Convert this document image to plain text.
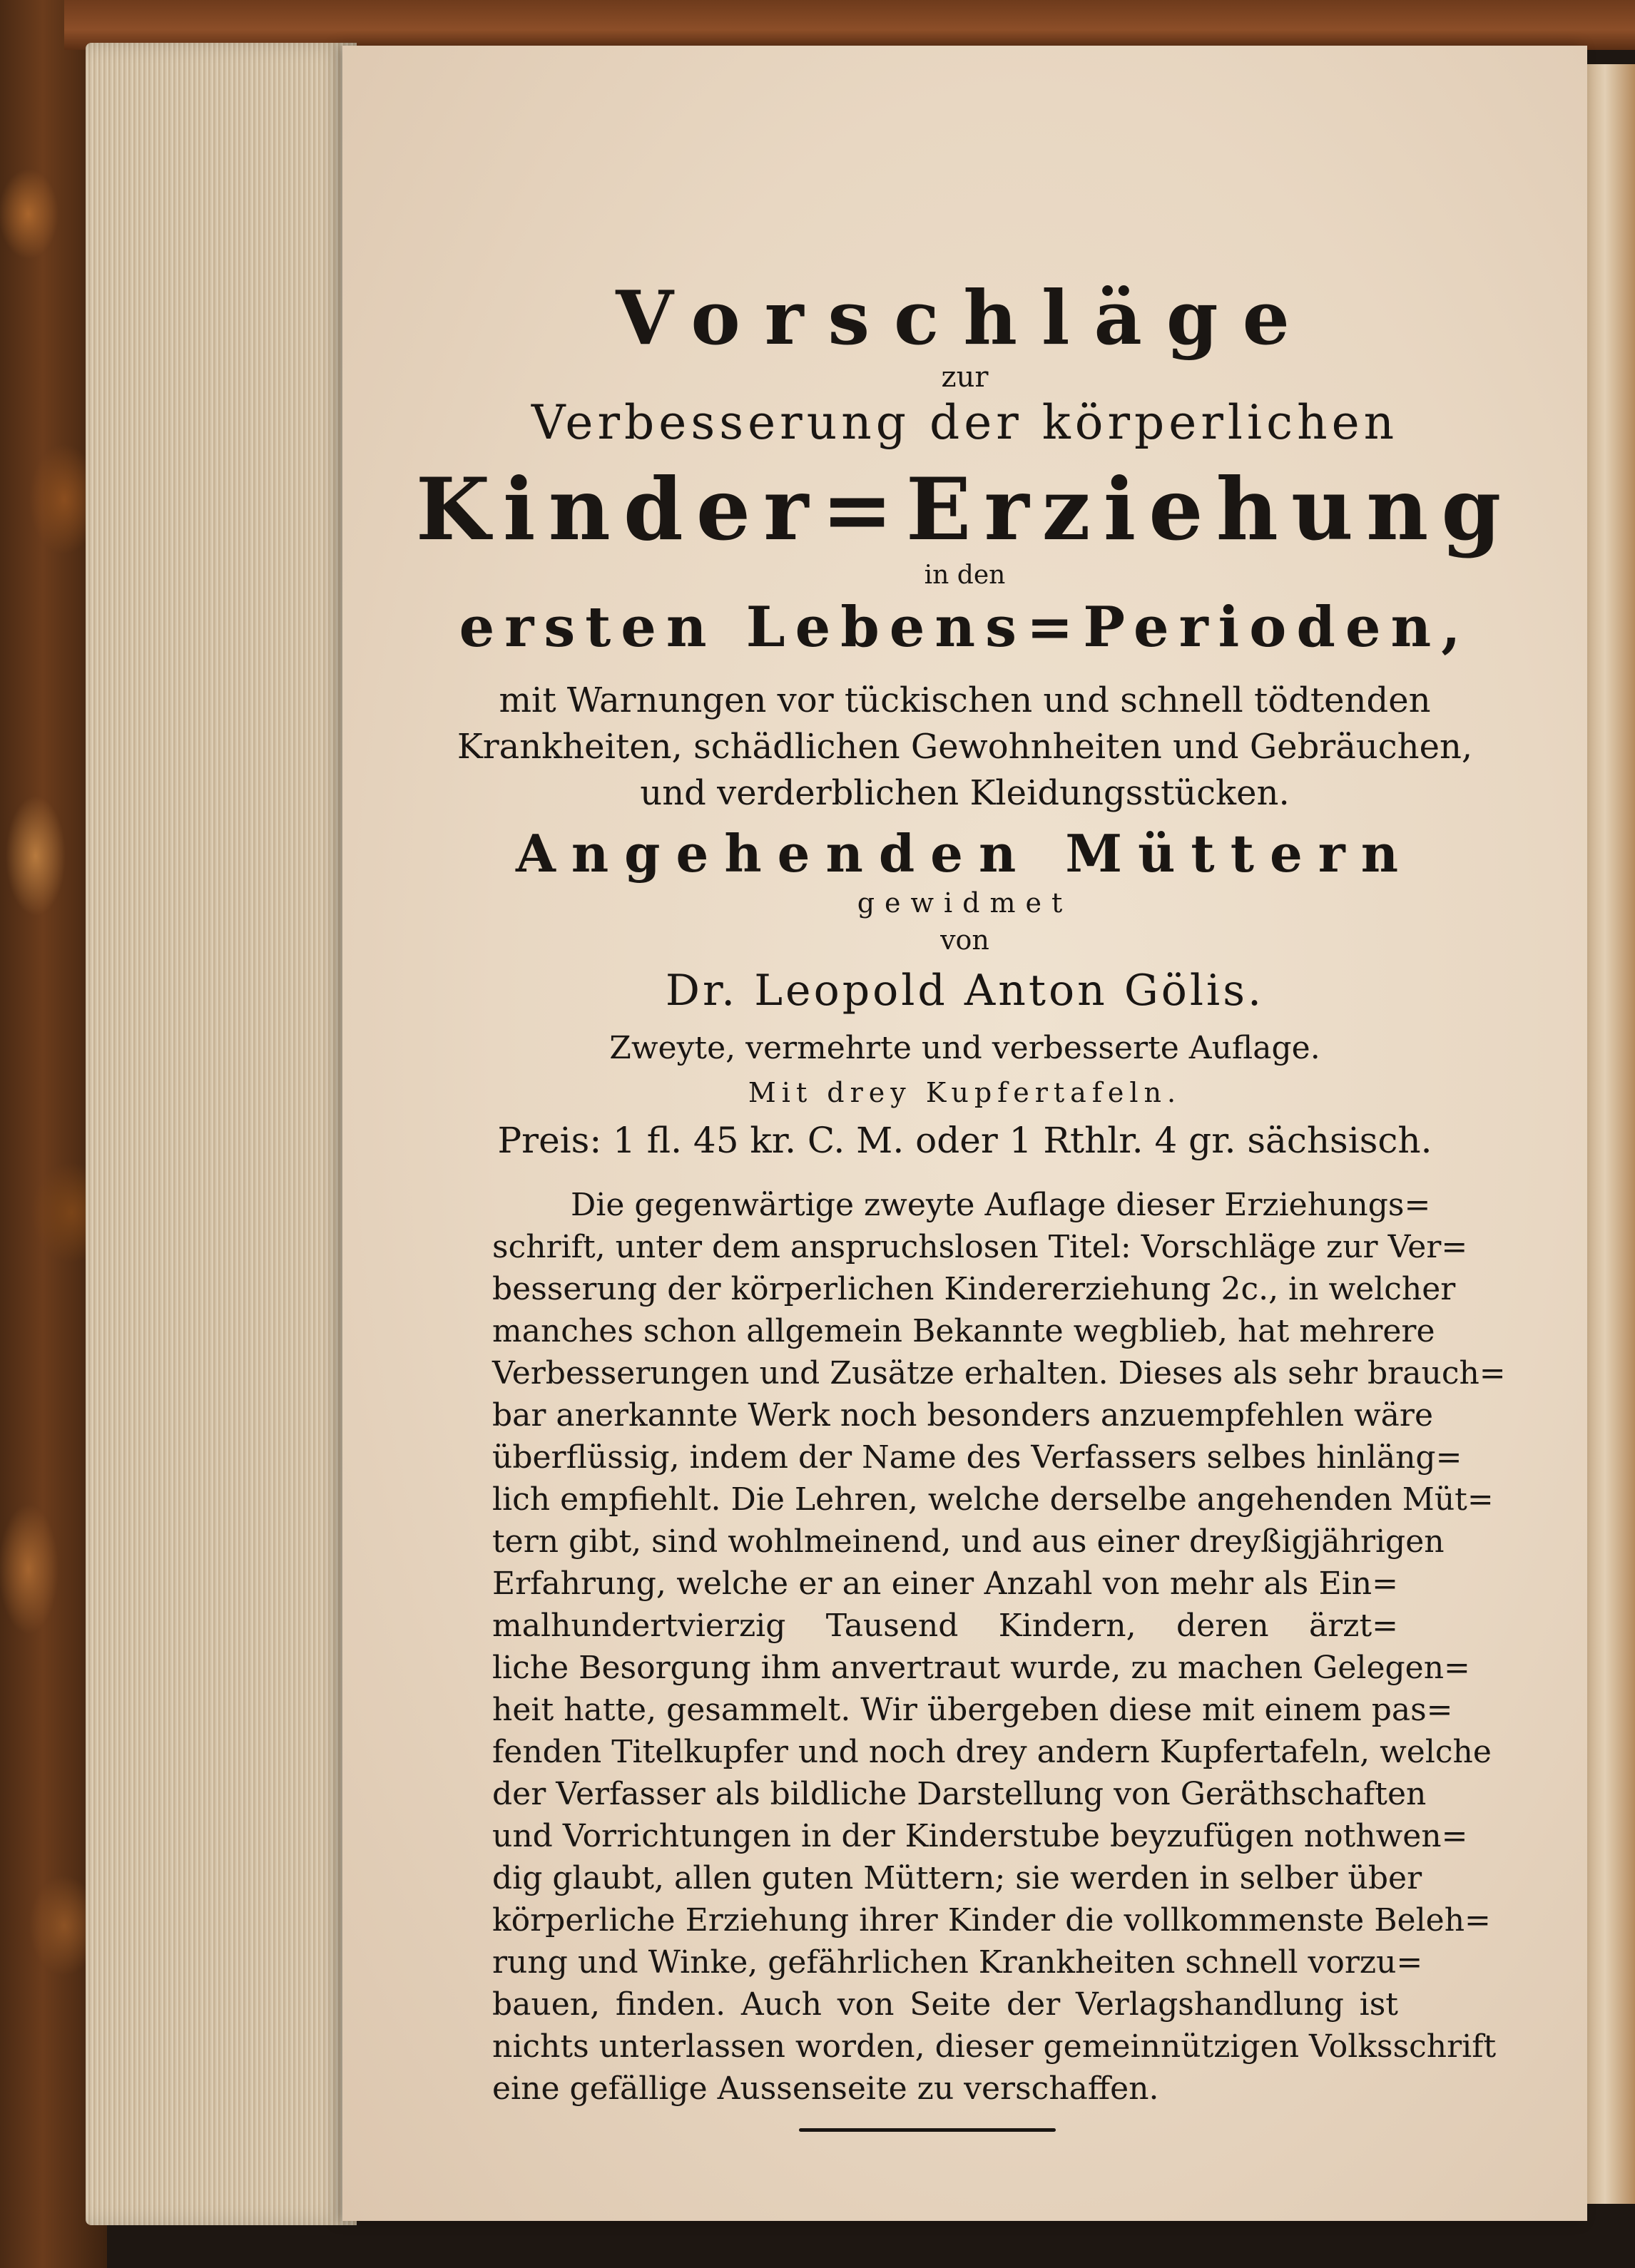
Vorschläge
zur
Verbesserung der körperlichen
Kinder=Erziehung
in den
ersten Lebens=Perioden,
mit Warnungen vor tückischen und schnell tödtenden
Krankheiten, schädlichen Gewohnheiten und Gebräuchen,
und verderblichen Kleidungsstücken.
Angehenden Müttern
gewidmet
von
Dr. Leopold Anton Gölis.
Zweyte, vermehrte und verbesserte Auflage.
Mit drey Kupfertafeln.
Preis: 1 fl. 45 kr. C. M. oder 1 Rthlr. 4 gr. sächsisch.
Die gegenwärtige zweyte Auflage dieser Erziehungs=
schrift, unter dem anspruchslosen Titel: Vorschläge zur Ver=
besserung der körperlichen Kindererziehung 2c., in welcher
manches schon allgemein Bekannte wegblieb, hat mehrere
Verbesserungen und Zusätze erhalten. Dieses als sehr brauch=
bar anerkannte Werk noch besonders anzuempfehlen wäre
überflüssig, indem der Name des Verfassers selbes hinläng=
lich empfiehlt. Die Lehren, welche derselbe angehenden Müt=
tern gibt, sind wohlmeinend, und aus einer dreyßigjährigen
Erfahrung, welche er an einer Anzahl von mehr als Ein=
malhundertvierzig Tausend Kindern, deren ärzt=
liche Besorgung ihm anvertraut wurde, zu machen Gelegen=
heit hatte, gesammelt. Wir übergeben diese mit einem pas=
fenden Titelkupfer und noch drey andern Kupfertafeln, welche
der Verfasser als bildliche Darstellung von Geräthschaften
und Vorrichtungen in der Kinderstube beyzufügen nothwen=
dig glaubt, allen guten Müttern; sie werden in selber über
körperliche Erziehung ihrer Kinder die vollkommenste Beleh=
rung und Winke, gefährlichen Krankheiten schnell vorzu=
bauen, finden. Auch von Seite der Verlagshandlung ist
nichts unterlassen worden, dieser gemeinnützigen Volksschrift
eine gefällige Aussenseite zu verschaffen.
